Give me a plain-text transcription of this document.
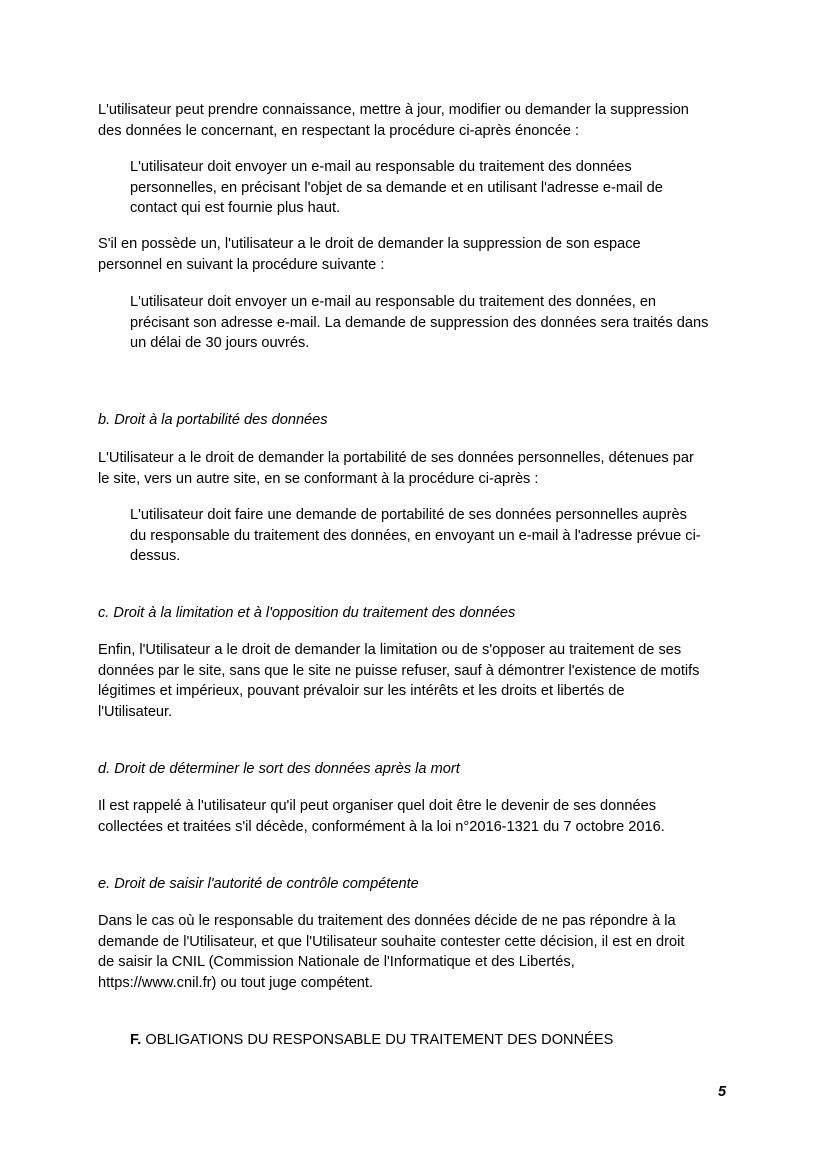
L'utilisateur peut prendre connaissance, mettre à jour, modifier ou demander la suppression
des données le concernant, en respectant la procédure ci-après énoncée :
L'utilisateur doit envoyer un e-mail au responsable du traitement des données
personnelles, en précisant l'objet de sa demande et en utilisant l'adresse e-mail de
contact qui est fournie plus haut.
S'il en possède un, l'utilisateur a le droit de demander la suppression de son espace
personnel en suivant la procédure suivante :
L'utilisateur doit envoyer un e-mail au responsable du traitement des données, en
précisant son adresse e-mail. La demande de suppression des données sera traités dans
un délai de 30 jours ouvrés.
b. Droit à la portabilité des données
L'Utilisateur a le droit de demander la portabilité de ses données personnelles, détenues par
le site, vers un autre site, en se conformant à la procédure ci-après :
L'utilisateur doit faire une demande de portabilité de ses données personnelles auprès
du responsable du traitement des données, en envoyant un e-mail à l'adresse prévue ci-
dessus.
c. Droit à la limitation et à l'opposition du traitement des données
Enfin, l'Utilisateur a le droit de demander la limitation ou de s'opposer au traitement de ses
données par le site, sans que le site ne puisse refuser, sauf à démontrer l'existence de motifs
légitimes et impérieux, pouvant prévaloir sur les intérêts et les droits et libertés de
l'Utilisateur.
d. Droit de déterminer le sort des données après la mort
Il est rappelé à l'utilisateur qu'il peut organiser quel doit être le devenir de ses données
collectées et traitées s'il décède, conformément à la loi n°2016-1321 du 7 octobre 2016.
e. Droit de saisir l'autorité de contrôle compétente
Dans le cas où le responsable du traitement des données décide de ne pas répondre à la
demande de l'Utilisateur, et que l'Utilisateur souhaite contester cette décision, il est en droit
de saisir la CNIL (Commission Nationale de l'Informatique et des Libertés,
https://www.cnil.fr) ou tout juge compétent.
F. OBLIGATIONS DU RESPONSABLE DU TRAITEMENT DES DONNÉES
5
